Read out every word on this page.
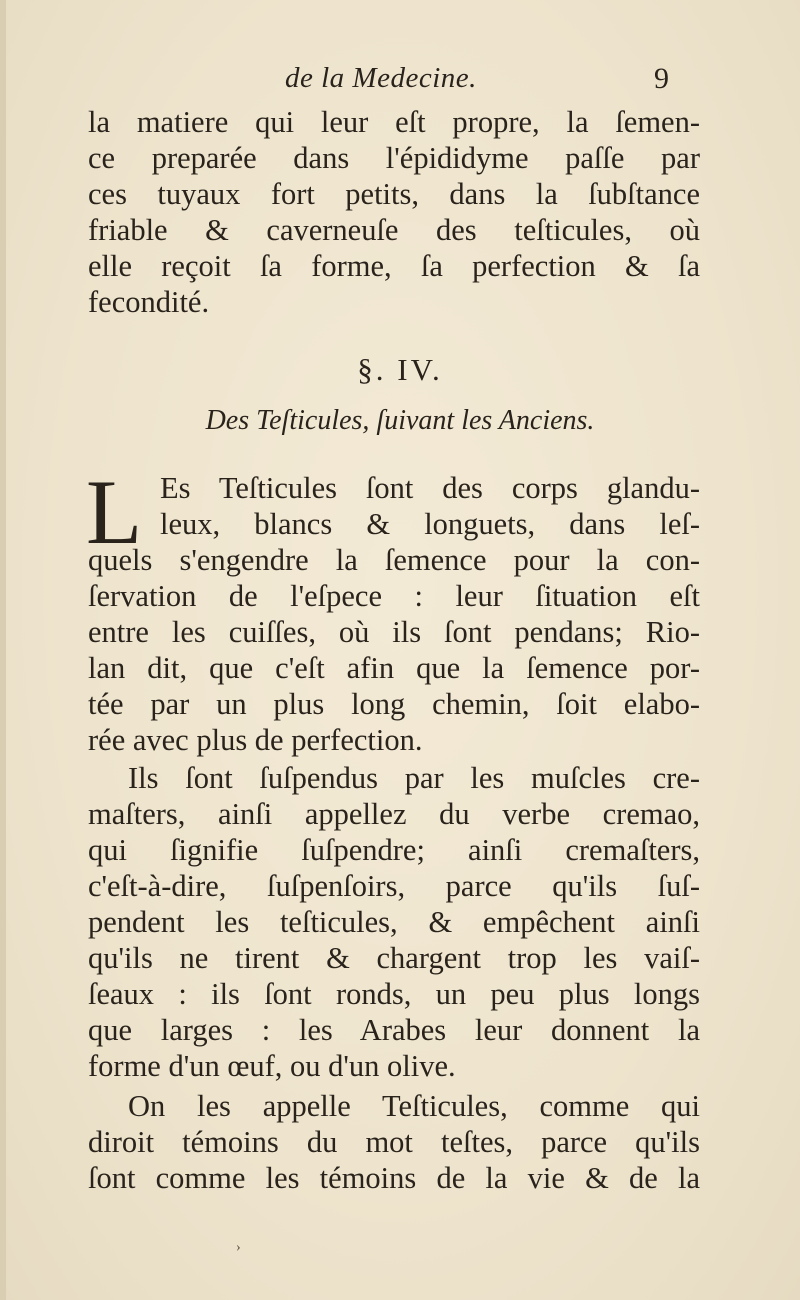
de la Medecine.	9
la matiere qui leur eſt propre, la ſemen-
ce preparée dans l'épididyme paſſe par
ces tuyaux fort petits, dans la ſubſtance
friable & caverneuſe des teſticules, où
elle reçoit ſa forme, ſa perfection & ſa
fecondité.
§. IV.
Des Teſticules, ſuivant les Anciens.
L Es Teſticules ſont des corps glandu-
leux, blancs & longuets, dans leſ-
quels s'engendre la ſemence pour la con-
ſervation de l'eſpece : leur ſituation eſt
entre les cuiſſes, où ils ſont pendans; Rio-
lan dit, que c'eſt afin que la ſemence por-
tée par un plus long chemin, ſoit elabo-
rée avec plus de perfection.
Ils ſont ſuſpendus par les muſcles cre-
maſters, ainſi appellez du verbe cremao,
qui ſignifie ſuſpendre; ainſi cremaſters,
c'eſt-à-dire, ſuſpenſoirs, parce qu'ils ſuſ-
pendent les teſticules, & empêchent ainſi
qu'ils ne tirent & chargent trop les vaiſ-
ſeaux : ils ſont ronds, un peu plus longs
que larges : les Arabes leur donnent la
forme d'un œuf, ou d'un olive.
On les appelle Teſticules, comme qui
diroit témoins du mot teſtes, parce qu'ils
ſont comme les témoins de la vie & de la
›
